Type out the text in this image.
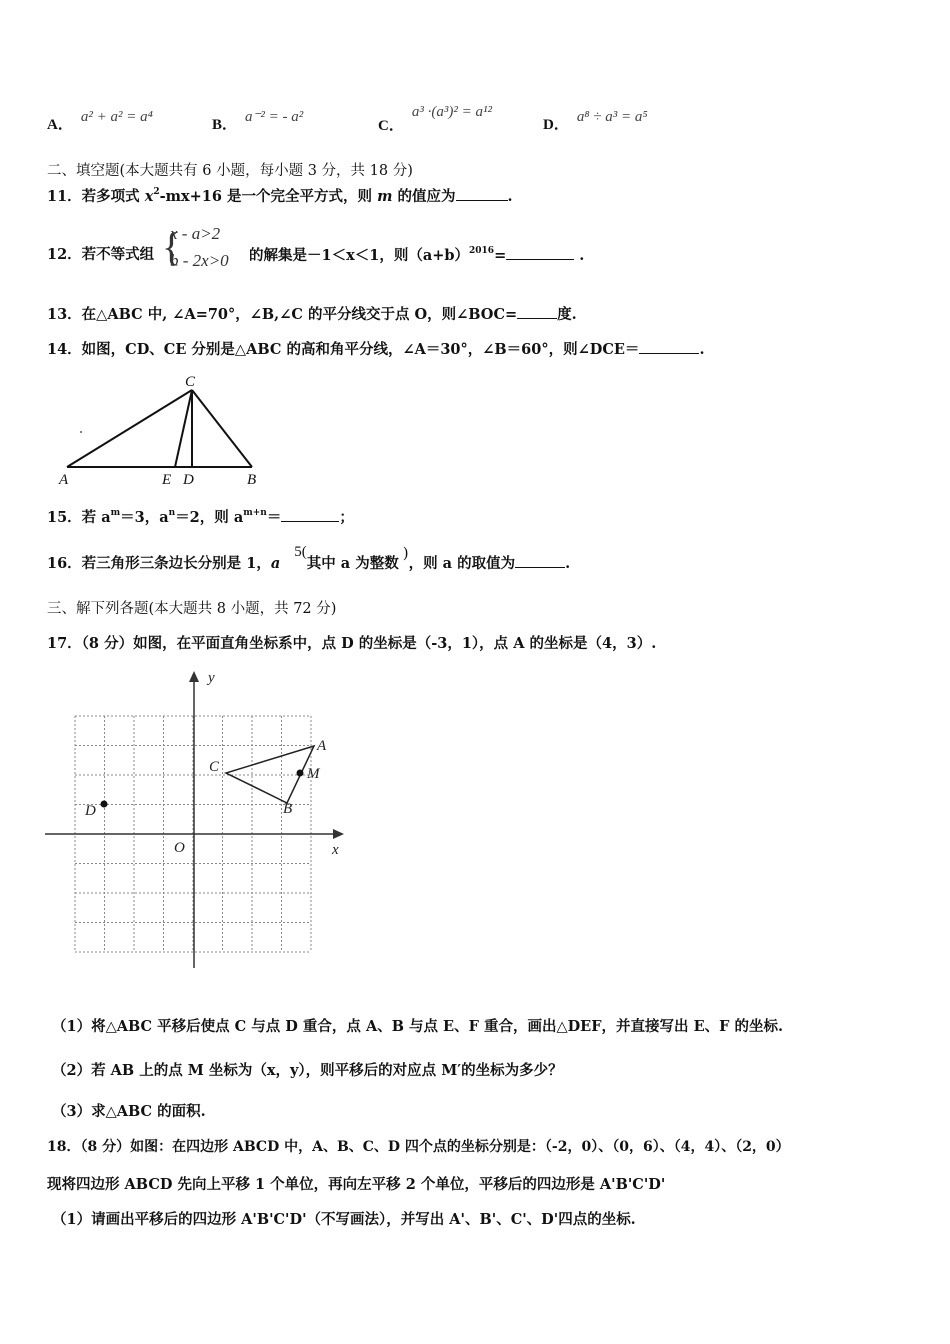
A． a² + a² = a⁴	B． a⁻² = - a²
C．a³ ·(a³)² = a¹²
D． a⁸ ÷ a³ = a⁵
二、填空题(本大题共有 6 小题，每小题 3 分，共 18 分)
11．若多项式 $x^2-mx+16$ 是一个完全平方式，则 m 的值应为	.
12．若不等式组 {
x - a>2
b - 2x>0 的解集是－1＜x＜1，则$(a+b)^{2016}=$	.
13．在△ABC 中, ∠A=70°，∠B,∠C 的平分线交于点 O，则∠BOC=	度.
14．如图，CD、CE 分别是△ABC 的高和角平分线，∠A＝30°，∠B＝60°，则∠DCE＝	.
C
A	E D	B
15．若 $a^m=3$，$a^n=2$，则 $a^{m+n}=$	；
16．若三角形三条边长分别是 1，a5(其中 a 为整数)，则 a 的取值为	.
三、解下列各题(本大题共 8 小题，共 72 分)
17．（8 分）如图，在平面直角坐标系中，点 D 的坐标是（-3，1），点 A 的坐标是（4，3）.
y
x
O
A
M
B
C
D
（1）将△ABC 平移后使点 C 与点 D 重合，点 A、B 与点 E、F 重合，画出△DEF，并直接写出 E、F 的坐标.
（2）若 AB 上的点 M 坐标为（x，y），则平移后的对应点 M′的坐标为多少？
（3）求△ABC 的面积.
18．（8 分）如图：在四边形 ABCD 中，A、B、C、D 四个点的坐标分别是：（-2，0）、（0，6）、（4，4）、（2，0）
现将四边形 ABCD 先向上平移 1 个单位，再向左平移 2 个单位，平移后的四边形是 A'B'C'D'
（1）请画出平移后的四边形 A'B'C'D'（不写画法），并写出 A'、B'、C'、D'四点的坐标.
